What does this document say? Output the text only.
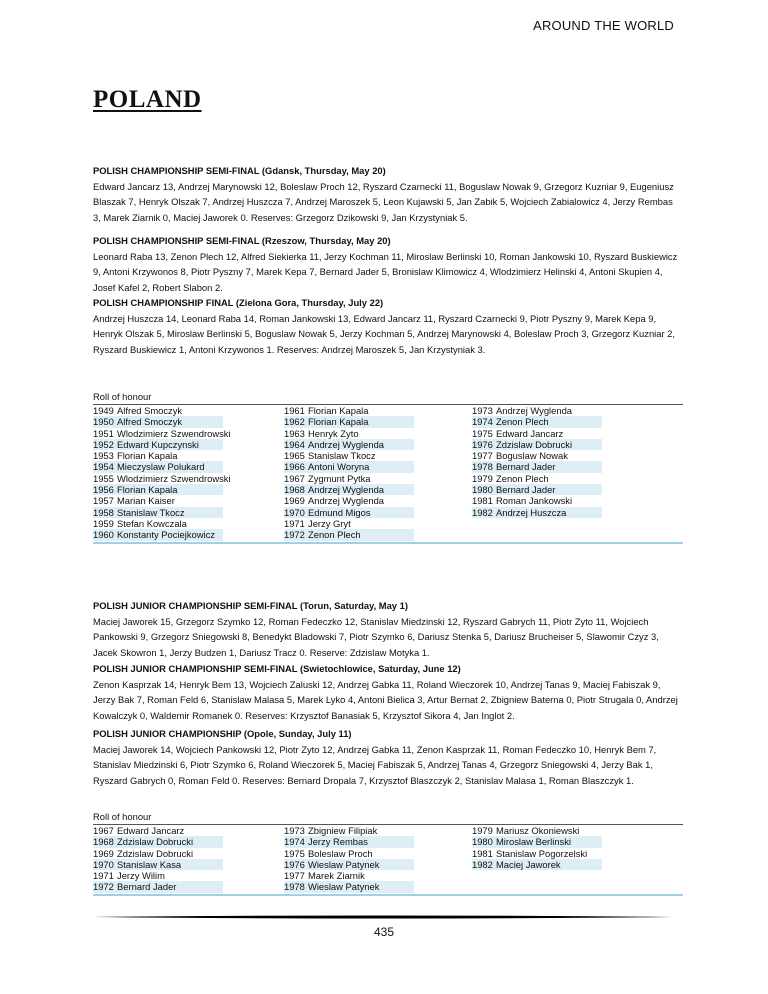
AROUND THE WORLD
POLAND

POLISH CHAMPIONSHIP SEMI-FINAL (Gdansk, Thursday, May 20)

Edward Jancarz 13, Andrzej Marynowski 12, Boleslaw Proch 12, Ryszard Czarnecki 11, Boguslaw Nowak 9, Grzegorz Kuzniar 9, Eugeniusz Blaszak 7, Henryk Olszak 7, Andrzej Huszcza 7, Andrzej Maroszek 5, Leon Kujawski 5, Jan Zabik 5, Wojciech Zabialowicz 4, Jerzy Rembas 3, Marek Ziarnik 0, Maciej Jaworek 0. Reserves: Grzegorz Dzikowski 9, Jan Krzystyniak 5.

POLISH CHAMPIONSHIP SEMI-FINAL (Rzeszow, Thursday, May 20)

Leonard Raba 13, Zenon Plech 12, Alfred Siekierka 11, Jerzy Kochman 11, Miroslaw Berlinski 10, Roman Jankowski 10, Ryszard Buskiewicz 9, Antoni Krzywonos 8, Piotr Pyszny 7, Marek Kepa 7, Bernard Jader 5, Bronislaw Klimowicz 4, Wlodzimierz Helinski 4, Antoni Skupien 4, Josef Kafel 2, Robert Slabon 2.

POLISH CHAMPIONSHIP FINAL (Zielona Gora, Thursday, July 22)

Andrzej Huszcza 14, Leonard Raba 14, Roman Jankowski 13, Edward Jancarz 11, Ryszard Czarnecki 9, Piotr Pyszny 9, Marek Kepa 9, Henryk Olszak 5, Miroslaw Berlinski 5, Boguslaw Nowak 5, Jerzy Kochman 5, Andrzej Marynowski 4, Boleslaw Proch 3, Grzegorz Kuzniar 2, Ryszard Buskiewicz 1, Antoni Krzywonos 1. Reserves: Andrzej Maroszek 5, Jan Krzystyniak 3.

Roll of honour
1949 Alfred Smoczyk
1950 Alfred Smoczyk
1951 Wlodzimierz Szwendrowski
1952 Edward Kupczynski
1953 Florian Kapala
1954 Mieczyslaw Polukard
1955 Wlodzimierz Szwendrowski
1956 Florian Kapala
1957 Marian Kaiser
1958 Stanislaw Tkocz
1959 Stefan Kowczala
1960 Konstanty Pociejkowicz
1961 Florian Kapala
1962 Florian Kapala
1963 Henryk Zyto
1964 Andrzej Wyglenda
1965 Stanislaw Tkocz
1966 Antoni Woryna
1967 Zygmunt Pytka
1968 Andrzej Wyglenda
1969 Andrzej Wyglenda
1970 Edmund Migos
1971 Jerzy Gryt
1972 Zenon Plech
1973 Andrzej Wyglenda
1974 Zenon Plech
1975 Edward Jancarz
1976 Zdzislaw Dobrucki
1977 Boguslaw Nowak
1978 Bernard Jader
1979 Zenon Plech
1980 Bernard Jader
1981 Roman Jankowski
1982 Andrzej Huszcza

POLISH JUNIOR CHAMPIONSHIP SEMI-FINAL (Torun, Saturday, May 1)

Maciej Jaworek 15, Grzegorz Szymko 12, Roman Fedeczko 12, Stanislav Miedzinski 12, Ryszard Gabrych 11, Piotr Zyto 11, Wojciech Pankowski 9, Grzegorz Sniegowski 8, Benedykt Bladowski 7, Piotr Szymko 6, Dariusz Stenka 5, Dariusz Brucheiser 5, Slawomir Czyz 3, Jacek Skowron 1, Jerzy Budzen 1, Dariusz Tracz 0. Reserve: Zdzislaw Motyka 1.

POLISH JUNIOR CHAMPIONSHIP SEMI-FINAL (Swietochlowice, Saturday, June 12)

Zenon Kasprzak 14, Henryk Bem 13, Wojciech Zaluski 12, Andrzej Gabka 11, Roland Wieczorek 10, Andrzej Tanas 9, Maciej Fabiszak 9, Jerzy Bak 7, Roman Feld 6, Stanislaw Malasa 5, Marek Lyko 4, Antoni Bielica 3, Artur Bernat 2, Zbigniew Baterna 0, Piotr Strugala 0, Andrzej Kowalczyk 0, Waldemir Romanek 0. Reserves: Krzysztof Banasiak 5, Krzysztof Sikora 4, Jan Inglot 2.

POLISH JUNIOR CHAMPIONSHIP (Opole, Sunday, July 11)

Maciej Jaworek 14, Wojciech Pankowski 12, Piotr Zyto 12, Andrzej Gabka 11, Zenon Kasprzak 11, Roman Fedeczko 10, Henryk Bem 7, Stanislav Miedzinski 6, Piotr Szymko 6, Roland Wieczorek 5, Maciej Fabiszak 5, Andrzej Tanas 4, Grzegorz Sniegowski 4, Jerzy Bak 1, Ryszard Gabrych 0, Roman Feld 0. Reserves: Bernard Dropala 7, Krzysztof Blaszczyk 2, Stanislav Malasa 1, Roman Blaszczyk 1.

Roll of honour
1967 Edward Jancarz
1968 Zdzislaw Dobrucki
1969 Zdzislaw Dobrucki
1970 Stanislaw Kasa
1971 Jerzy Wilim
1972 Bernard Jader
1973 Zbigniew Filipiak
1974 Jerzy Rembas
1975 Boleslaw Proch
1976 Wieslaw Patynek
1977 Marek Ziarnik
1978 Wieslaw Patynek
1979 Mariusz Okoniewski
1980 Miroslaw Berlinski
1981 Stanislaw Pogorzelski
1982 Maciej Jaworek
435
